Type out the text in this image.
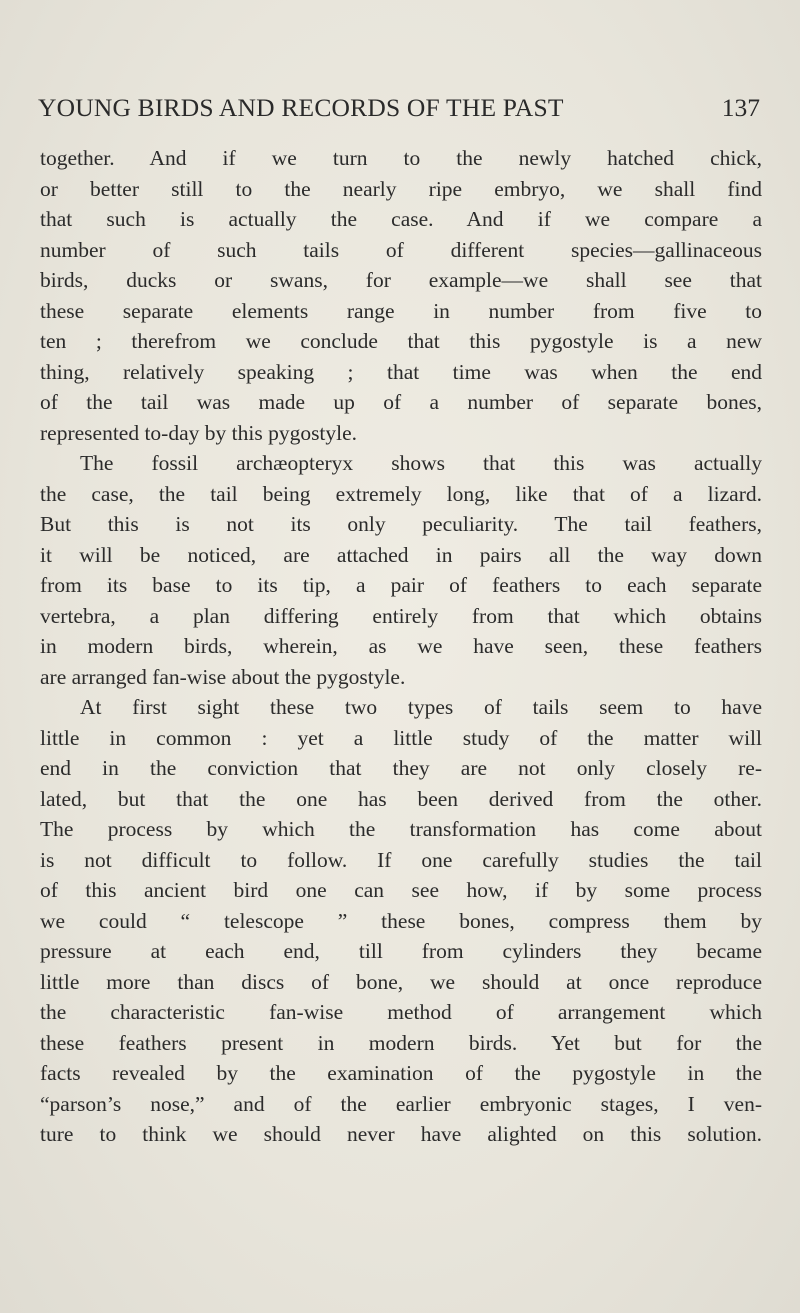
YOUNG BIRDS AND RECORDS OF THE PAST	137
together. And if we turn to the newly hatched chick,
or better still to the nearly ripe embryo, we shall find
that such is actually the case. And if we compare a
number of such tails of different species—gallinaceous
birds, ducks or swans, for example—we shall see that
these separate elements range in number from five to
ten ; therefrom we conclude that this pygostyle is a new
thing, relatively speaking ; that time was when the end
of the tail was made up of a number of separate bones,
represented to-day by this pygostyle.
The fossil archæopteryx shows that this was actually
the case, the tail being extremely long, like that of a lizard.
But this is not its only peculiarity. The tail feathers,
it will be noticed, are attached in pairs all the way down
from its base to its tip, a pair of feathers to each separate
vertebra, a plan differing entirely from that which obtains
in modern birds, wherein, as we have seen, these feathers
are arranged fan-wise about the pygostyle.
At first sight these two types of tails seem to have
little in common : yet a little study of the matter will
end in the conviction that they are not only closely re-
lated, but that the one has been derived from the other.
The process by which the transformation has come about
is not difficult to follow. If one carefully studies the tail
of this ancient bird one can see how, if by some process
we could “ telescope ” these bones, compress them by
pressure at each end, till from cylinders they became
little more than discs of bone, we should at once reproduce
the characteristic fan-wise method of arrangement which
these feathers present in modern birds. Yet but for the
facts revealed by the examination of the pygostyle in the
“parson’s nose,” and of the earlier embryonic stages, I ven-
ture to think we should never have alighted on this solution.
